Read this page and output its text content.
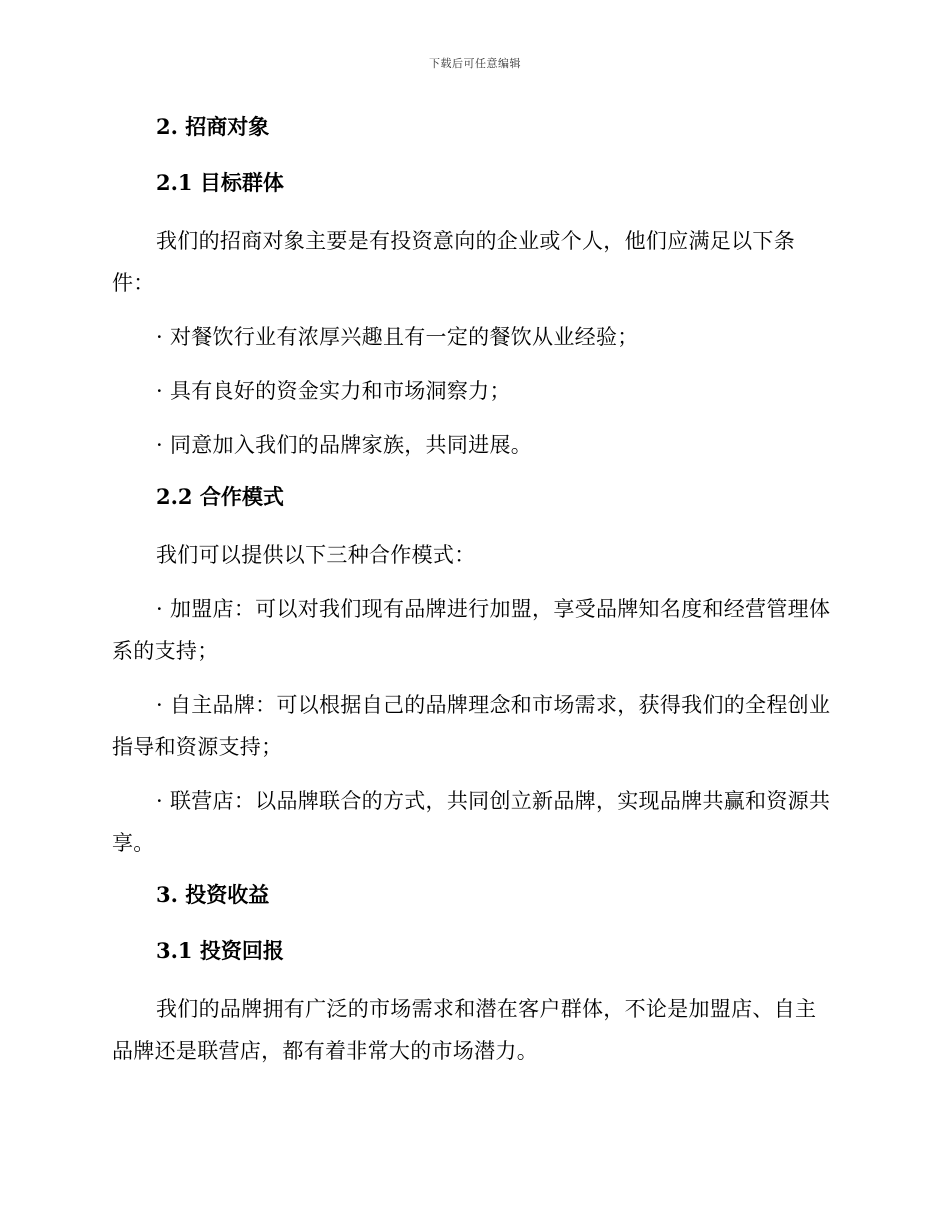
下载后可任意编辑
2. 招商对象
2.1 目标群体

我们的招商对象主要是有投资意向的企业或个人，他们应满足以下条件：

· 对餐饮行业有浓厚兴趣且有一定的餐饮从业经验；

· 具有良好的资金实力和市场洞察力；

· 同意加入我们的品牌家族，共同进展。

2.2 合作模式

我们可以提供以下三种合作模式：

· 加盟店：可以对我们现有品牌进行加盟，享受品牌知名度和经营管理体系的支持；

· 自主品牌：可以根据自己的品牌理念和市场需求，获得我们的全程创业指导和资源支持；

· 联营店：以品牌联合的方式，共同创立新品牌，实现品牌共赢和资源共享。

3. 投资收益
3.1 投资回报

我们的品牌拥有广泛的市场需求和潜在客户群体，不论是加盟店、自主品牌还是联营店，都有着非常大的市场潜力。
